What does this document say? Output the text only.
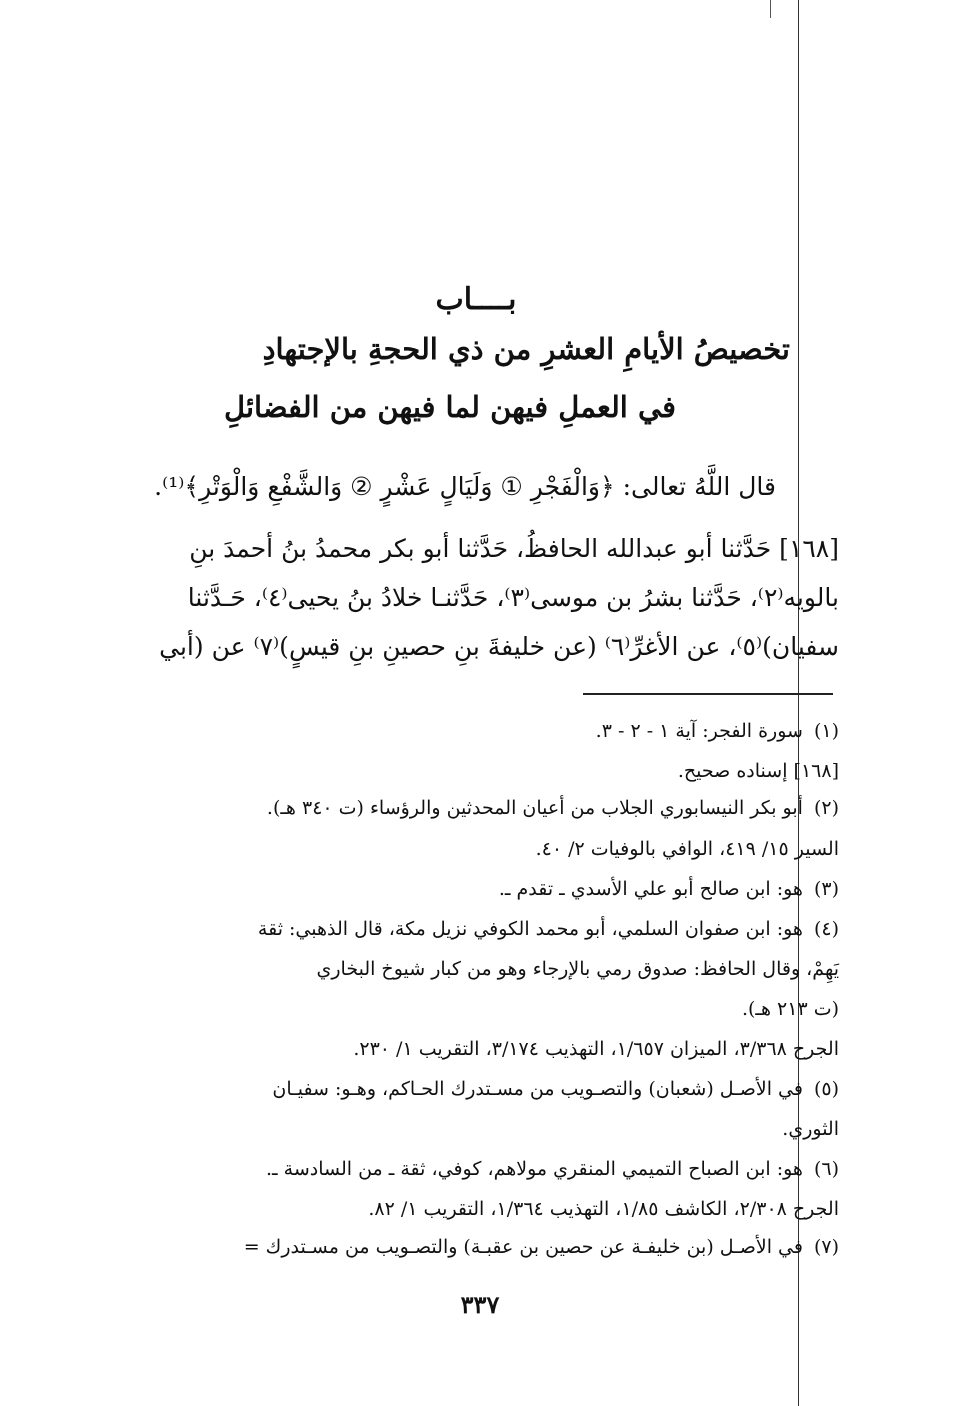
بــــاب
تخصيصُ الأيامِ العشرِ من ذي الحجةِ بالإجتهادِ
في العملِ فيهن لما فيهن من الفضائلِ
قال اللَّهُ تعالى: ﴿وَالْفَجْرِ ① وَلَيَالٍ عَشْرٍ ② وَالشَّفْعِ وَالْوَتْرِ﴾⁽¹⁾.
[١٦٨] حَدَّثنا أبو عبدالله الحافظُ، حَدَّثنا أبو بكر محمدُ بنُ أحمدَ بنِ
بالويه⁽٢⁾، حَدَّثنا بشرُ بن موسى⁽٣⁾، حَدَّثنـا خلادُ بنُ يحيى⁽٤⁾، حَـدَّثنا
سفيان)⁽٥⁾، عن الأغرِّ⁽٦⁾ (عن خليفةَ بنِ حصينِ بنِ قيسٍ)⁽٧⁾ عن (أبي
(١) سورة الفجر: آية ١ - ٢ - ٣.
[١٦٨] إسناده صحيح.
(٢) أبو بكر النيسابوري الجلاب من أعيان المحدثين والرؤساء (ت ٣٤٠ هـ).
السير ١٥/ ٤١٩، الوافي بالوفيات ٢/ ٤٠.
(٣) هو: ابن صالح أبو علي الأسدي ـ تقدم ـ.
(٤) هو: ابن صفوان السلمي، أبو محمد الكوفي نزيل مكة، قال الذهبي: ثقة
يَهِمْ، وقال الحافظ: صدوق رمي بالإرجاء وهو من كبار شيوخ البخاري
(ت ٢١٣ هـ).
الجرح ٣/٣٦٨، الميزان ١/٦٥٧، التهذيب ٣/١٧٤، التقريب ١/ ٢٣٠.
(٥) في الأصـل (شعبان) والتصـويب من مسـتدرك الحـاكم، وهـو: سفيـان
الثوري.
(٦) هو: ابن الصباح التميمي المنقري مولاهم، كوفي، ثقة ـ من السادسة ـ.
الجرح ٢/٣٠٨، الكاشف ١/٨٥، التهذيب ١/٣٦٤، التقريب ١/ ٨٢.
(٧) في الأصـل (بن خليفـة عن حصين بن عقبـة) والتصـويب من مسـتدرك =
٣٣٧
